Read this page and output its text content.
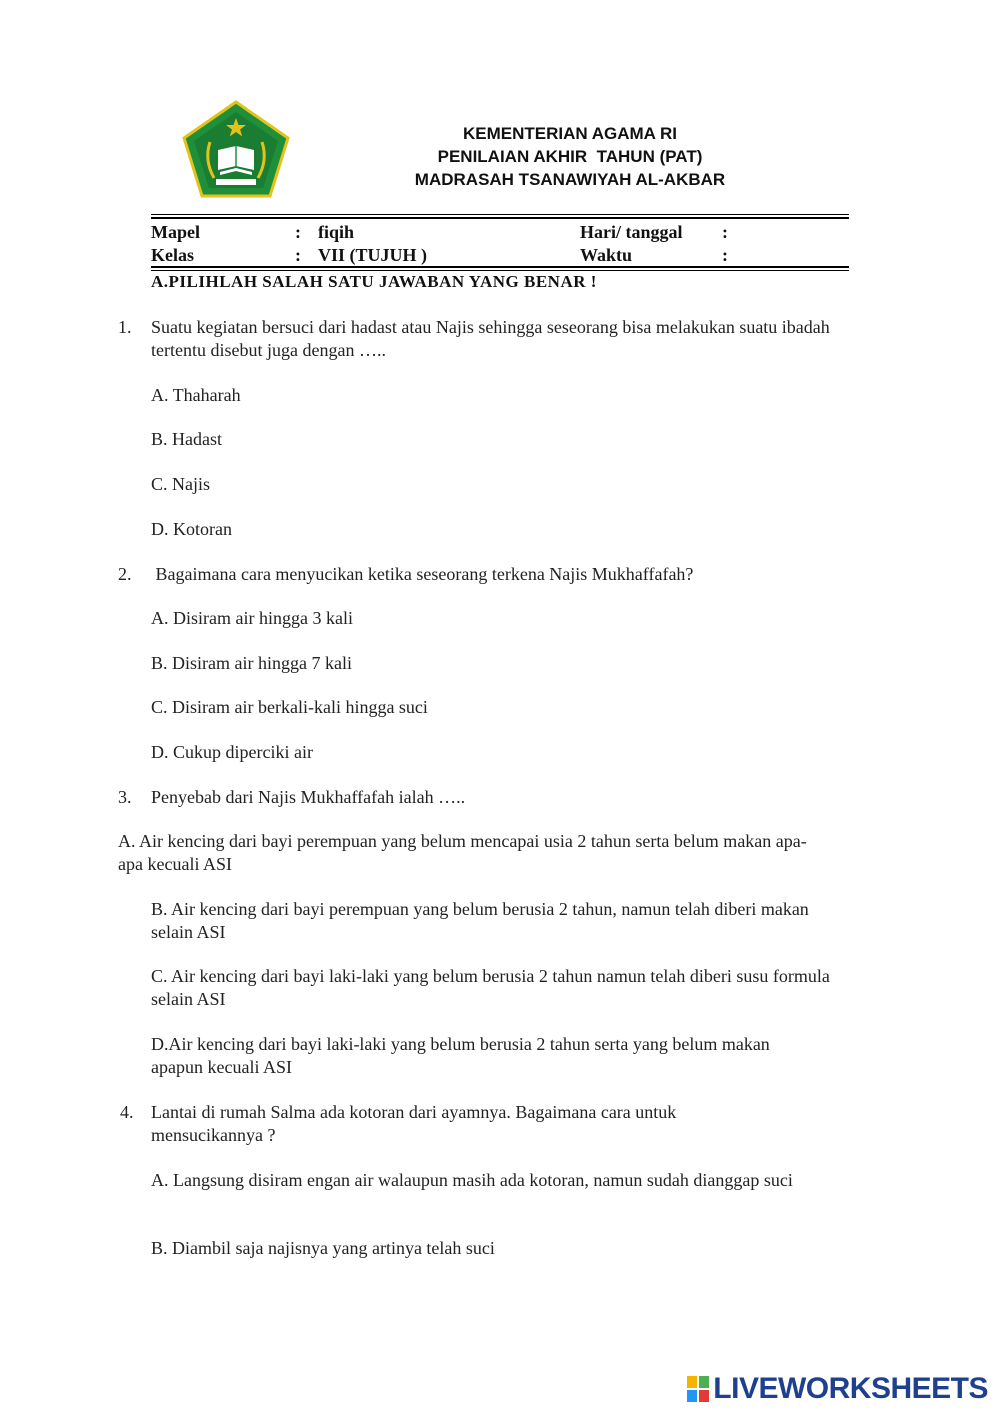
KEMENTERIAN AGAMA RI
PENILAIAN AKHIR  TAHUN (PAT)
MADRASAH TSANAWIYAH AL-AKBAR
Mapel	: fiqih	Hari/ tanggal :
Kelas	: VII (TUJUH )	Waktu	:
A.PILIHLAH SALAH SATU JAWABAN YANG BENAR !
1. Suatu kegiatan bersuci dari hadast atau Najis sehingga seseorang bisa melakukan suatu ibadah tertentu disebut juga dengan …..
A. Thaharah
B. Hadast
C. Najis
D. Kotoran
2. Bagaimana cara menyucikan ketika seseorang terkena Najis Mukhaffafah?
A. Disiram air hingga 3 kali
B. Disiram air hingga 7 kali
C. Disiram air berkali-kali hingga suci
D. Cukup diperciki air
3. Penyebab dari Najis Mukhaffafah ialah …..
A. Air kencing dari bayi perempuan yang belum mencapai usia 2 tahun serta belum makan apa-apa kecuali ASI
B. Air kencing dari bayi perempuan yang belum berusia 2 tahun, namun telah diberi makan selain ASI
C. Air kencing dari bayi laki-laki yang belum berusia 2 tahun namun telah diberi susu formula selain ASI
D.Air kencing dari bayi laki-laki yang belum berusia 2 tahun serta yang belum makan apapun kecuali ASI
4. Lantai di rumah Salma ada kotoran dari ayamnya. Bagaimana cara untuk mensucikannya ?
A. Langsung disiram engan air walaupun masih ada kotoran, namun sudah dianggap suci
B. Diambil saja najisnya yang artinya telah suci
LIVEWORKSHEETS
